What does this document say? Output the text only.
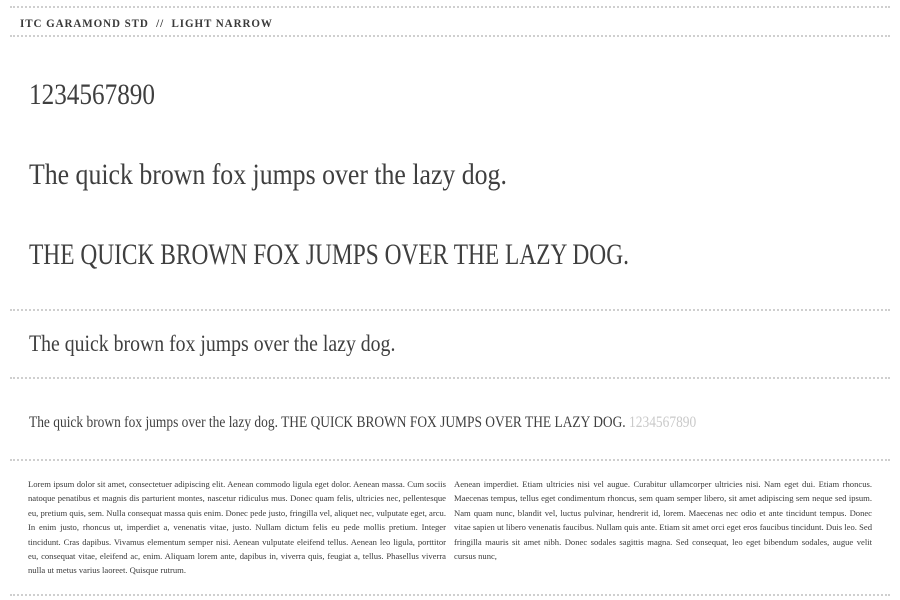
ITC GARAMOND STD // LIGHT NARROW
1234567890
The quick brown fox jumps over the lazy dog.
THE QUICK BROWN FOX JUMPS OVER THE LAZY DOG.
The quick brown fox jumps over the lazy dog.
The quick brown fox jumps over the lazy dog. THE QUICK BROWN FOX JUMPS OVER THE LAZY DOG. 1234567890
Lorem ipsum dolor sit amet, consectetuer adipiscing elit. Aenean commodo ligula eget dolor. Aenean massa. Cum sociis natoque penatibus et magnis dis parturient montes, nascetur ridiculus mus. Donec quam felis, ultricies nec, pellentesque eu, pretium quis, sem. Nulla consequat massa quis enim. Donec pede justo, fringilla vel, aliquet nec, vulputate eget, arcu. In enim justo, rhoncus ut, imperdiet a, venenatis vitae, justo. Nullam dictum felis eu pede mollis pretium. Integer tincidunt. Cras dapibus. Vivamus elementum semper nisi. Aenean vulputate eleifend tellus. Aenean leo ligula, porttitor eu, consequat vitae, eleifend ac, enim. Aliquam lorem ante, dapibus in, viverra quis, feugiat a, tellus. Phasellus viverra nulla ut metus varius laoreet. Quisque rutrum.
Aenean imperdiet. Etiam ultricies nisi vel augue. Curabitur ullamcorper ultricies nisi. Nam eget dui. Etiam rhoncus. Maecenas tempus, tellus eget condimentum rhoncus, sem quam semper libero, sit amet adipiscing sem neque sed ipsum. Nam quam nunc, blandit vel, luctus pulvinar, hendrerit id, lorem. Maecenas nec odio et ante tincidunt tempus. Donec vitae sapien ut libero venenatis faucibus. Nullam quis ante. Etiam sit amet orci eget eros faucibus tincidunt. Duis leo. Sed fringilla mauris sit amet nibh. Donec sodales sagittis magna. Sed consequat, leo eget bibendum sodales, augue velit cursus nunc,
